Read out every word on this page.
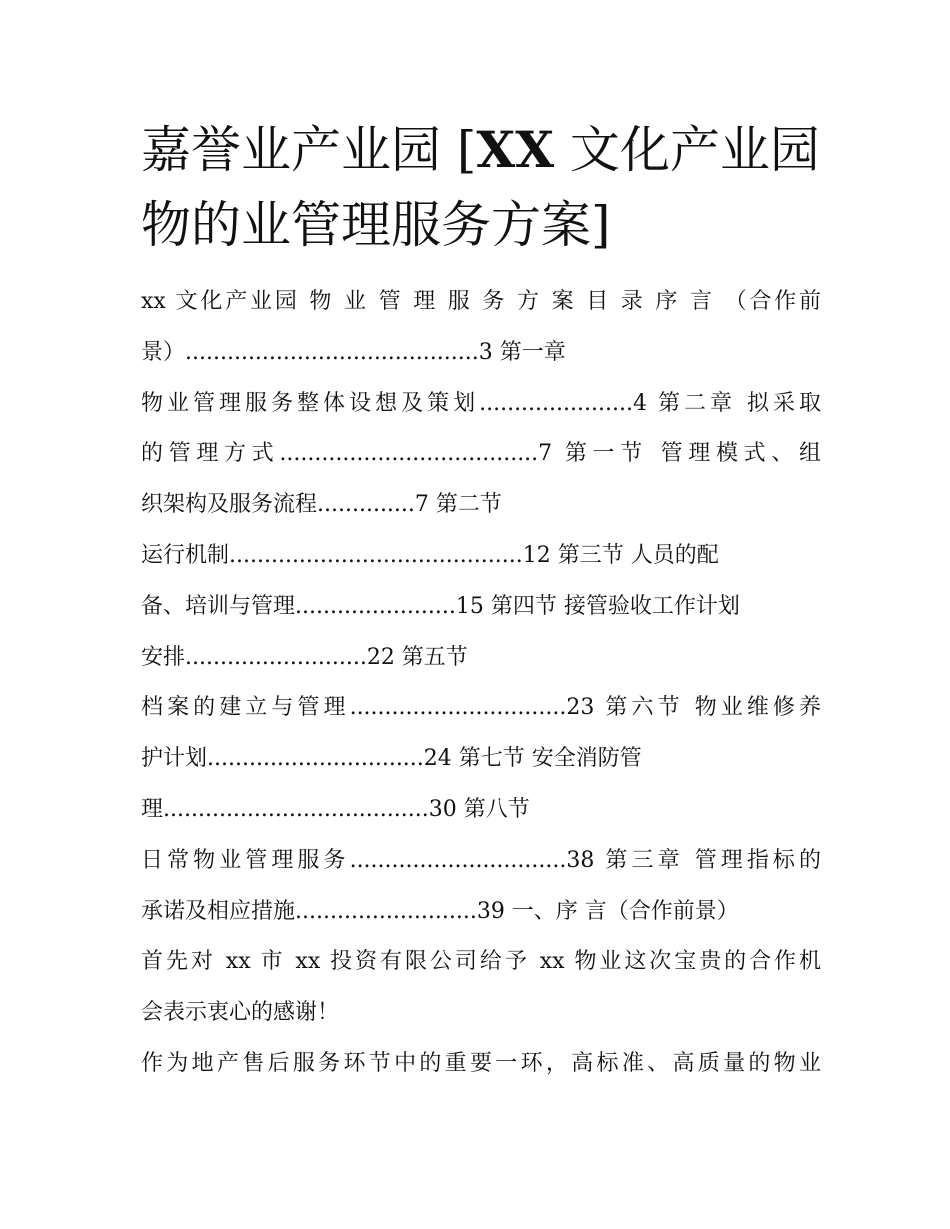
嘉誉业产业园 [XX 文化产业园
物的业管理服务方案]
xx 文化产业园 物 业 管 理 服 务 方 案 目 录 序 言 （合作前
景）..........................................3 第一章
物业管理服务整体设想及策划......................4 第二章 拟采取
的管理方式.....................................7 第一节 管理模式、组
织架构及服务流程..............7 第二节
运行机制..........................................12 第三节 人员的配
备、培训与管理.......................15 第四节 接管验收工作计划
安排..........................22 第五节
档案的建立与管理...............................23 第六节 物业维修养
护计划...............................24 第七节 安全消防管
理......................................30 第八节
日常物业管理服务...............................38 第三章 管理指标的
承诺及相应措施..........................39 一、序 言（合作前景）
首先对 xx 市 xx 投资有限公司给予 xx 物业这次宝贵的合作机
会表示衷心的感谢！
作为地产售后服务环节中的重要一环，高标准、高质量的物业
